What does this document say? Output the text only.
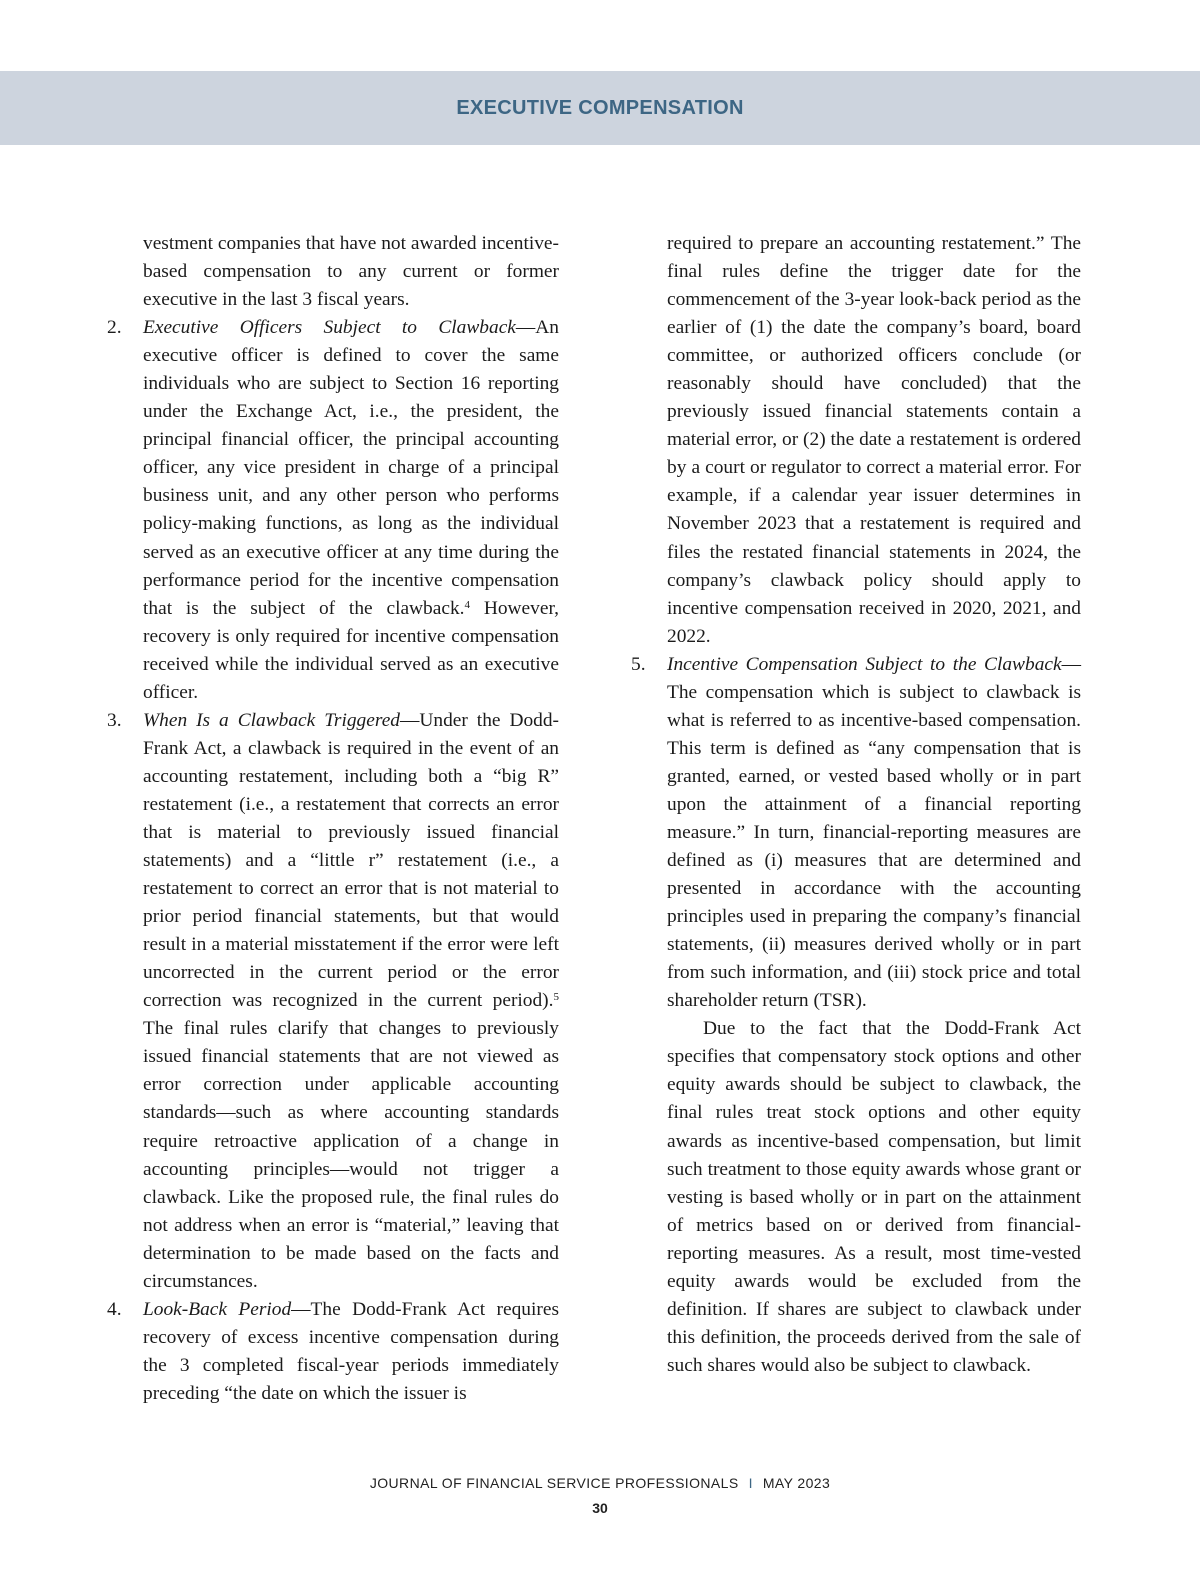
EXECUTIVE COMPENSATION

vestment companies that have not awarded incentive-based compensation to any current or former executive in the last 3 fiscal years.

2. Executive Officers Subject to Clawback—An executive officer is defined to cover the same individuals who are subject to Section 16 reporting under the Exchange Act, i.e., the president, the principal financial officer, the principal accounting officer, any vice president in charge of a principal business unit, and any other person who performs policy-making functions, as long as the individual served as an executive officer at any time during the performance period for the incentive compensation that is the subject of the clawback.$^4$ However, recovery is only required for incentive compensation received while the individual served as an executive officer.
3. When Is a Clawback Triggered—Under the Dodd-Frank Act, a clawback is required in the event of an accounting restatement, including both a “big R” restatement (i.e., a restatement that corrects an error that is material to previously issued financial statements) and a “little r” restatement (i.e., a restatement to correct an error that is not material to prior period financial statements, but that would result in a material misstatement if the error were left uncorrected in the current period or the error correction was recognized in the current period).$^5$ The final rules clarify that changes to previously issued financial statements that are not viewed as error correction under applicable accounting standards—such as where accounting standards require retroactive application of a change in accounting principles—would not trigger a clawback. Like the proposed rule, the final rules do not address when an error is “material,” leaving that determination to be made based on the facts and circumstances.
4. Look-Back Period—The Dodd-Frank Act requires recovery of excess incentive compensation during the 3 completed fiscal-year periods immediately preceding “the date on which the issuer is

required to prepare an accounting restatement.” The final rules define the trigger date for the commencement of the 3-year look-back period as the earlier of (1) the date the company’s board, board committee, or authorized officers conclude (or reasonably should have concluded) that the previously issued financial statements contain a material error, or (2) the date a restatement is ordered by a court or regulator to correct a material error. For example, if a calendar year issuer determines in November 2023 that a restatement is required and files the restated financial statements in 2024, the company’s clawback policy should apply to incentive compensation received in 2020, 2021, and 2022.

5. Incentive Compensation Subject to the Clawback—The compensation which is subject to clawback is what is referred to as incentive-based compensation. This term is defined as “any compensation that is granted, earned, or vested based wholly or in part upon the attainment of a financial reporting measure.” In turn, financial-reporting measures are defined as (i) measures that are determined and presented in accordance with the accounting principles used in preparing the company’s financial statements, (ii) measures derived wholly or in part from such information, and (iii) stock price and total shareholder return (TSR).

Due to the fact that the Dodd-Frank Act specifies that compensatory stock options and other equity awards should be subject to clawback, the final rules treat stock options and other equity awards as incentive-based compensation, but limit such treatment to those equity awards whose grant or vesting is based wholly or in part on the attainment of metrics based on or derived from financial-reporting measures. As a result, most time-vested equity awards would be excluded from the definition. If shares are subject to clawback under this definition, the proceeds derived from the sale of such shares would also be subject to clawback.

JOURNAL OF FINANCIAL SERVICE PROFESSIONALS I MAY 2023
30
